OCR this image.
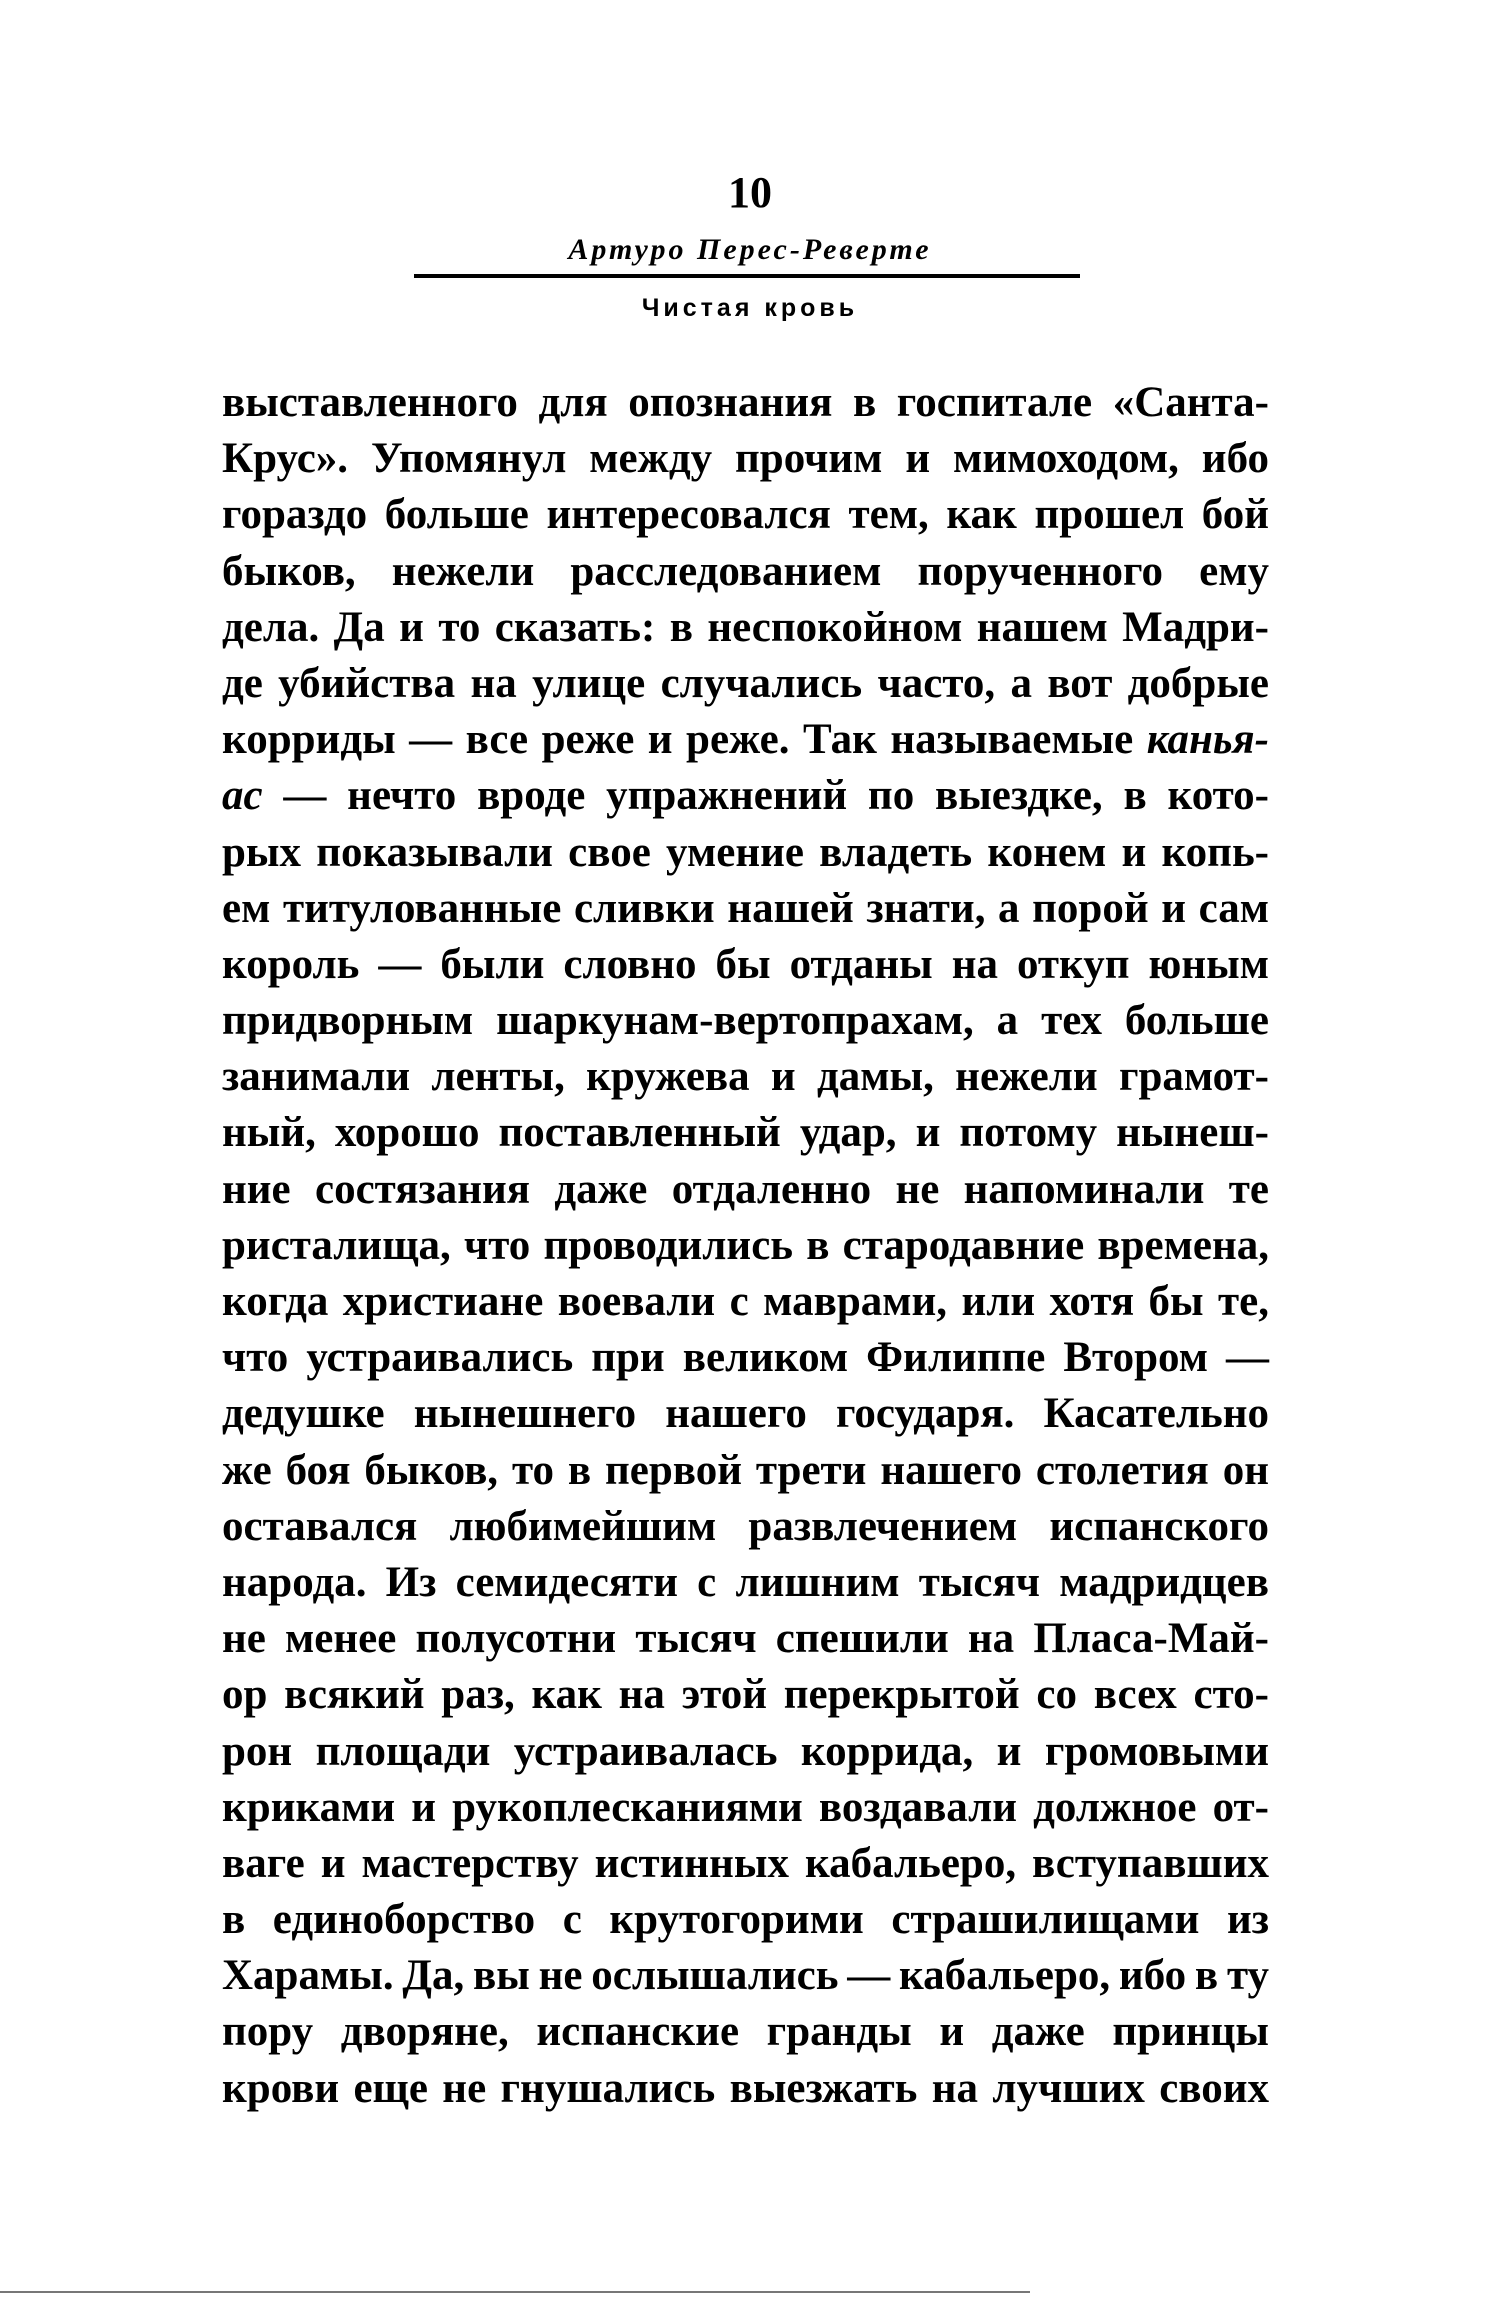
10
Артуро Перес-Реверте
Чистая кровь
выставленного для опознания в госпитале «Санта-
Крус». Упомянул между прочим и мимоходом, ибо
гораздо больше интересовался тем, как прошел бой
быков, нежели расследованием порученного ему
дела. Да и то сказать: в неспокойном нашем Мадри-
де убийства на улице случались часто, а вот добрые
корриды — все реже и реже. Так называемые канья-
ac — нечто вроде упражнений по выездке, в кото-
рых показывали свое умение владеть конем и копь-
ем титулованные сливки нашей знати, а порой и сам
король — были словно бы отданы на откуп юным
придворным шаркунам-вертопрахам, а тех больше
занимали ленты, кружева и дамы, нежели грамот-
ный, хорошо поставленный удар, и потому нынеш-
ние состязания даже отдаленно не напоминали те
ристалища, что проводились в стародавние времена,
когда христиане воевали с маврами, или хотя бы те,
что устраивались при великом Филиппе Втором —
дедушке нынешнего нашего государя. Касательно
же боя быков, то в первой трети нашего столетия он
оставался любимейшим развлечением испанского
народа. Из семидесяти с лишним тысяч мадридцев
не менее полусотни тысяч спешили на Пласа-Май-
ор всякий раз, как на этой перекрытой со всех сто-
рон площади устраивалась коррида, и громовыми
криками и рукоплесканиями воздавали должное от-
ваге и мастерству истинных кабальеро, вступавших
в единоборство с крутогорими страшилищами из
Харамы. Да, вы не ослышались — кабальеро, ибо в ту
пору дворяне, испанские гранды и даже принцы
крови еще не гнушались выезжать на лучших своих
